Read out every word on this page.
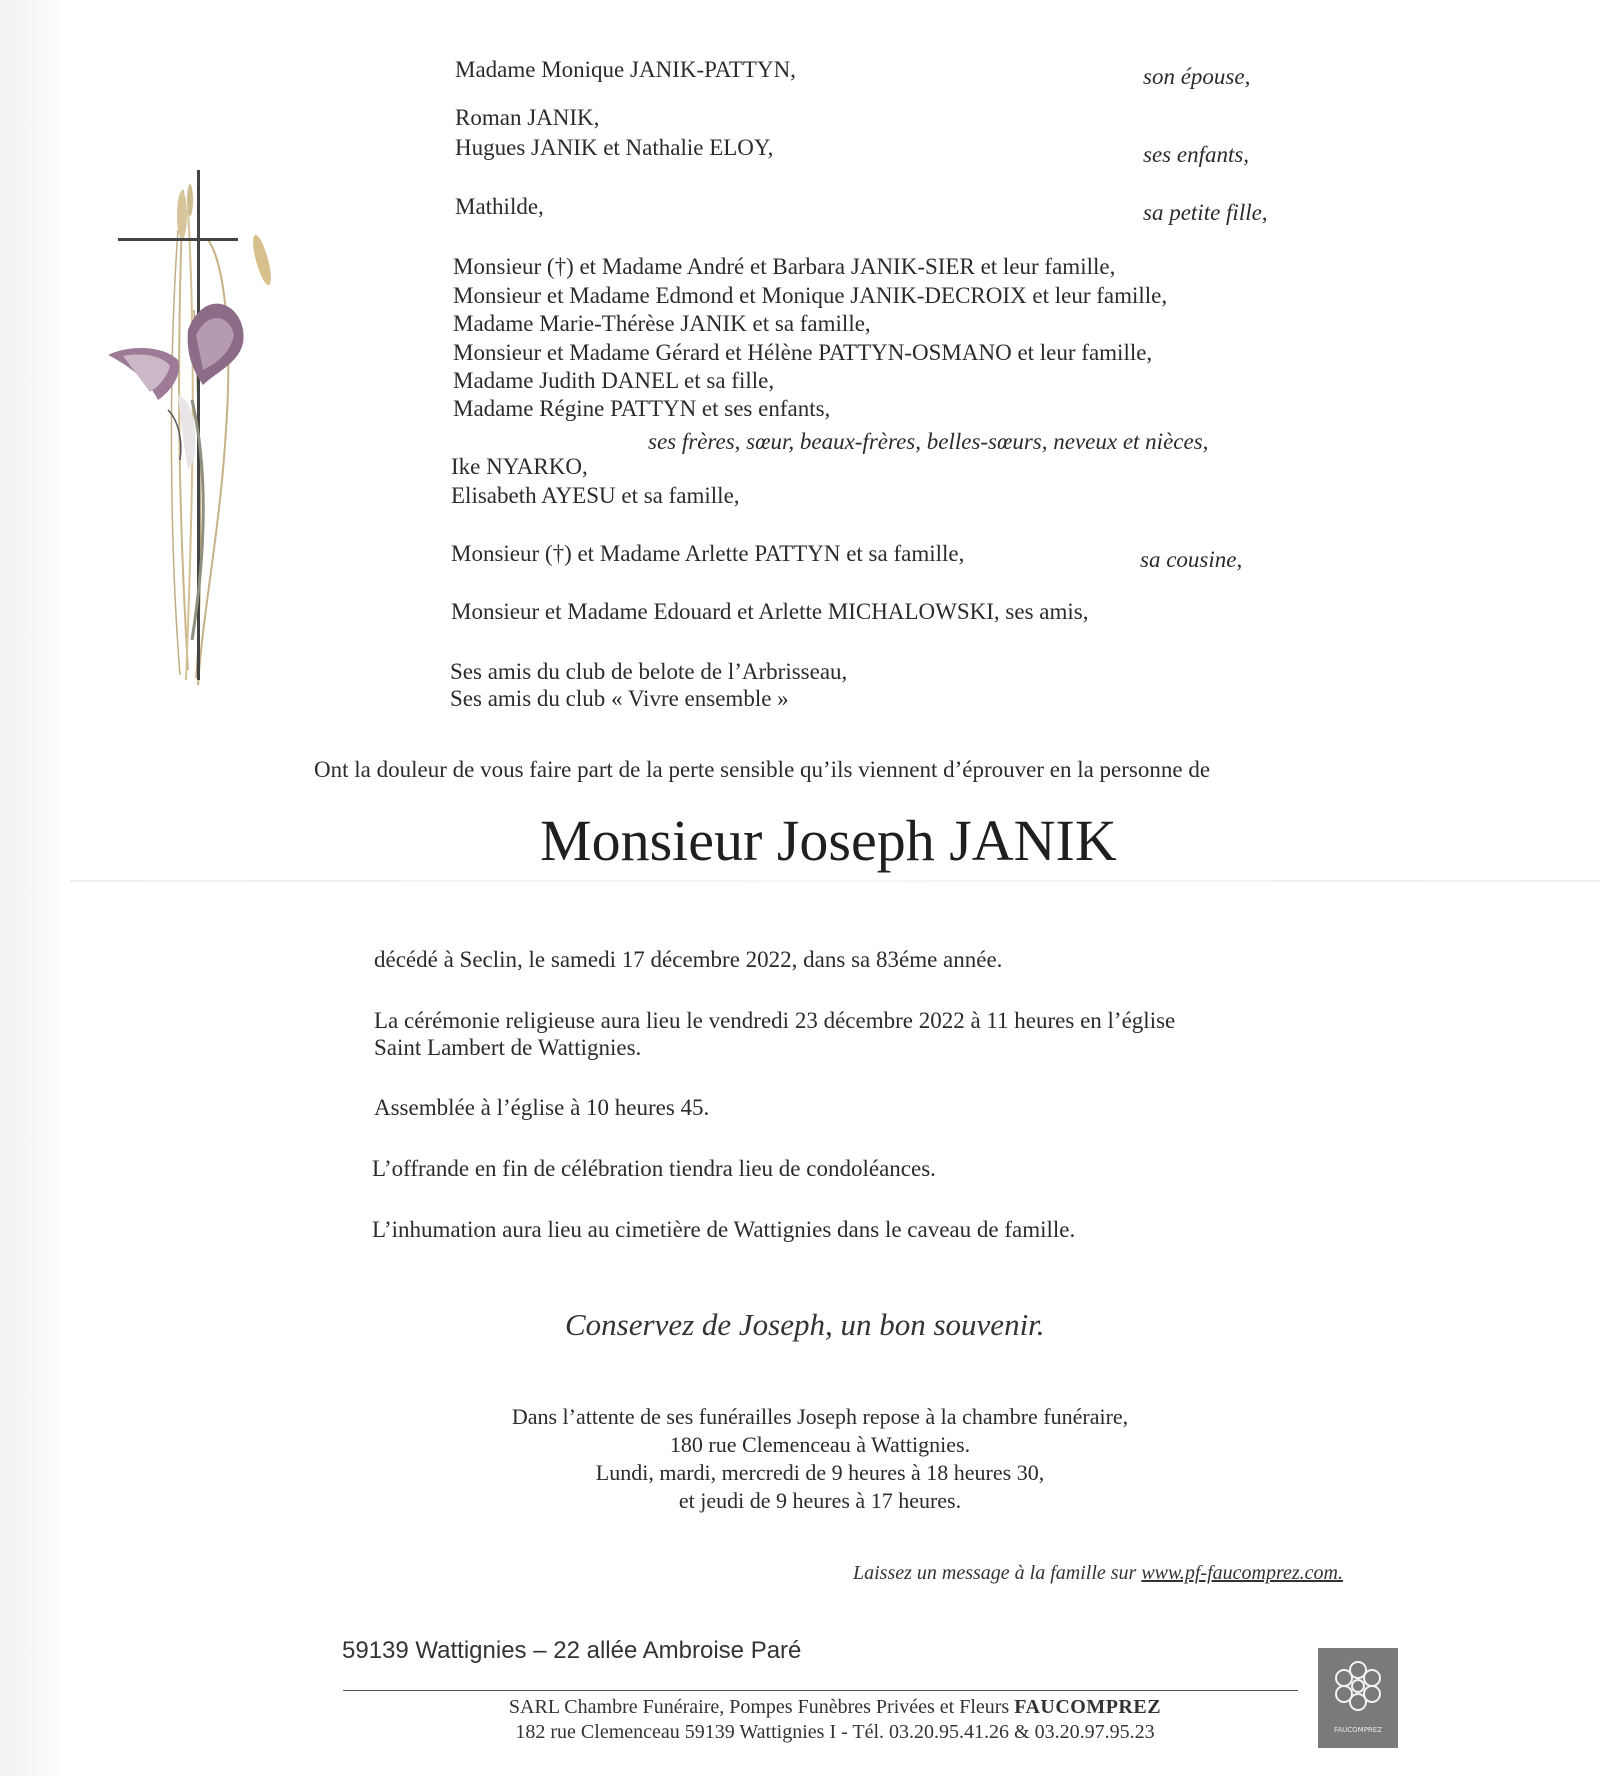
Madame Monique JANIK-PATTYN,	son épouse,
Roman JANIK,
Hugues JANIK et Nathalie ELOY,	ses enfants,
Mathilde,	sa petite fille,
Monsieur (†) et Madame André et Barbara JANIK-SIER et leur famille,
Monsieur et Madame Edmond et Monique JANIK-DECROIX et leur famille,
Madame Marie-Thérèse JANIK et sa famille,
Monsieur et Madame Gérard et Hélène PATTYN-OSMANO et leur famille,
Madame Judith DANEL et sa fille,
Madame Régine PATTYN et ses enfants,
ses frères, sœur, beaux-frères, belles-sœurs, neveux et nièces,
Ike NYARKO,
Elisabeth AYESU et sa famille,
Monsieur (†) et Madame Arlette PATTYN et sa famille,	sa cousine,
Monsieur et Madame Edouard et Arlette MICHALOWSKI, ses amis,
Ses amis du club de belote de l’Arbrisseau,
Ses amis du club « Vivre ensemble »
Ont la douleur de vous faire part de la perte sensible qu’ils viennent d’éprouver en la personne de
Monsieur Joseph JANIK
décédé à Seclin, le samedi 17 décembre 2022, dans sa 83éme année.
La cérémonie religieuse aura lieu le vendredi 23 décembre 2022 à 11 heures en l’église
Saint Lambert de Wattignies.
Assemblée à l’église à 10 heures 45.
L’offrande en fin de célébration tiendra lieu de condoléances.
L’inhumation aura lieu au cimetière de Wattignies dans le caveau de famille.
Conservez de Joseph, un bon souvenir.
Dans l’attente de ses funérailles Joseph repose à la chambre funéraire,
180 rue Clemenceau à Wattignies.
Lundi, mardi, mercredi de 9 heures à 18 heures 30,
et jeudi de 9 heures à 17 heures.
Laissez un message à la famille sur www.pf-faucomprez.com.
59139 Wattignies – 22 allée Ambroise Paré
SARL Chambre Funéraire, Pompes Funèbres Privées et Fleurs FAUCOMPREZ
182 rue Clemenceau 59139 Wattignies I - Tél. 03.20.95.41.26 & 03.20.97.95.23	FAUCOMPREZ
